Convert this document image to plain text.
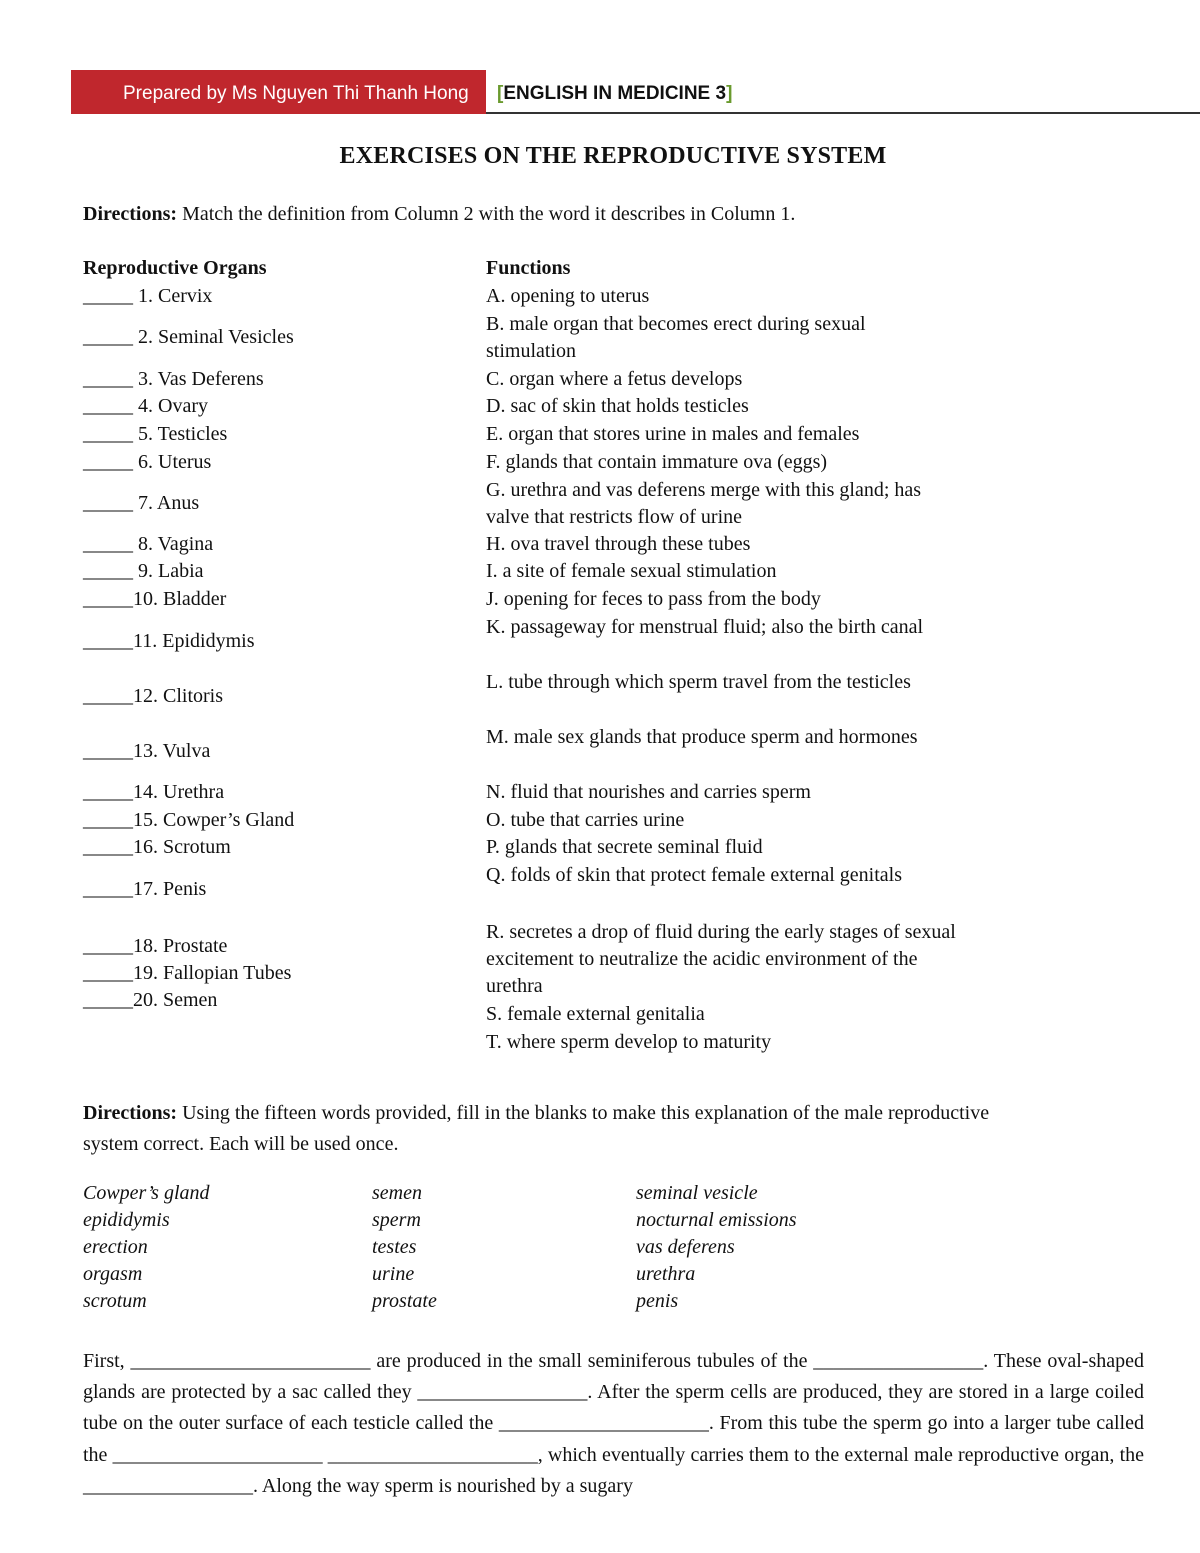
Prepared by Ms Nguyen Thi Thanh Hong [ENGLISH IN MEDICINE 3]
EXERCISES ON THE REPRODUCTIVE SYSTEM
Directions: Match the definition from Column 2 with the word it describes in Column 1.
Reproductive Organs	Functions
_____ 1. Cervix
_____ 2. Seminal Vesicles
_____ 3. Vas Deferens
_____ 4. Ovary
_____ 5. Testicles
_____ 6. Uterus
_____ 7. Anus
_____ 8. Vagina
_____ 9. Labia
_____10. Bladder
_____11. Epididymis
_____12. Clitoris
_____13. Vulva
_____14. Urethra
_____15. Cowper’s Gland
_____16. Scrotum
_____17. Penis
_____18. Prostate
_____19. Fallopian Tubes
_____20. Semen
A. opening to uterus
B. male organ that becomes erect during sexual stimulation
C. organ where a fetus develops
D. sac of skin that holds testicles
E. organ that stores urine in males and females
F. glands that contain immature ova (eggs)
G. urethra and vas deferens merge with this gland; has valve that restricts flow of urine
H. ova travel through these tubes
I. a site of female sexual stimulation
J. opening for feces to pass from the body
K. passageway for menstrual fluid; also the birth canal
L. tube through which sperm travel from the testicles
M. male sex glands that produce sperm and hormones
N. fluid that nourishes and carries sperm
O. tube that carries urine
P. glands that secrete seminal fluid
Q. folds of skin that protect female external genitals
R. secretes a drop of fluid during the early stages of sexual excitement to neutralize the acidic environment of the urethra
S. female external genitalia
T. where sperm develop to maturity
Directions: Using the fifteen words provided, fill in the blanks to make this explanation of the male reproductive system correct. Each will be used once.
Cowper’s gland
epididymis
erection
orgasm
scrotum
semen
sperm
testes
urine
prostate
seminal vesicle
nocturnal emissions
vas deferens
urethra
penis
First, ________________________ are produced in the small seminiferous tubules of the _________________. These oval-shaped glands are protected by a sac called they _________________. After the sperm cells are produced, they are stored in a large coiled tube on the outer surface of each testicle called the _____________________. From this tube the sperm go into a larger tube called the _____________________ _____________________, which eventually carries them to the external male reproductive organ, the _________________. Along the way sperm is nourished by a sugary
